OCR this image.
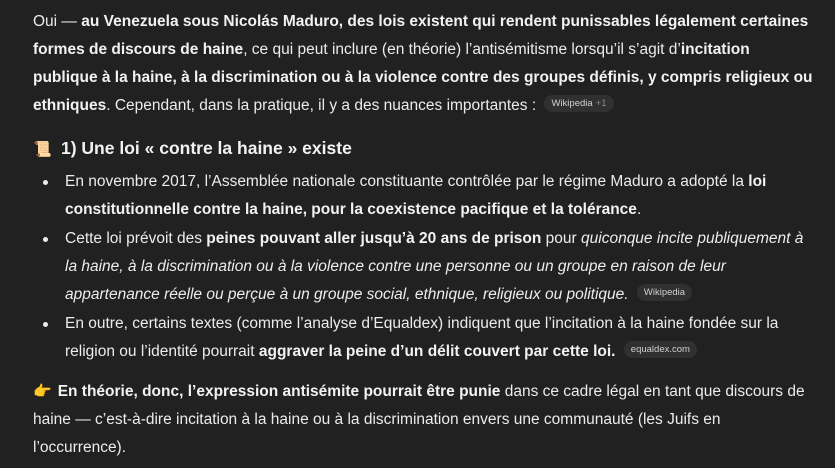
Oui — au Venezuela sous Nicolás Maduro, des lois existent qui rendent punissables légalement certaines formes de discours de haine, ce qui peut inclure (en théorie) l’antisémitisme lorsqu’il s’agit d’incitation publique à la haine, à la discrimination ou à la violence contre des groupes définis, y compris religieux ou ethniques. Cependant, dans la pratique, il y a des nuances importantes : Wikipedia +1

📜 1) Une loi « contre la haine » existe
En novembre 2017, l’Assemblée nationale constituante contrôlée par le régime Maduro a adopté la loi constitutionnelle contre la haine, pour la coexistence pacifique et la tolérance.
Cette loi prévoit des peines pouvant aller jusqu’à 20 ans de prison pour quiconque incite publiquement à la haine, à la discrimination ou à la violence contre une personne ou un groupe en raison de leur appartenance réelle ou perçue à un groupe social, ethnique, religieux ou politique. Wikipedia
En outre, certains textes (comme l’analyse d’Equaldex) indiquent que l’incitation à la haine fondée sur la religion ou l’identité pourrait aggraver la peine d’un délit couvert par cette loi. equaldex.com

👉 En théorie, donc, l’expression antisémite pourrait être punie dans ce cadre légal en tant que discours de haine — c’est-à-dire incitation à la haine ou à la discrimination envers une communauté (les Juifs en l’occurrence).
